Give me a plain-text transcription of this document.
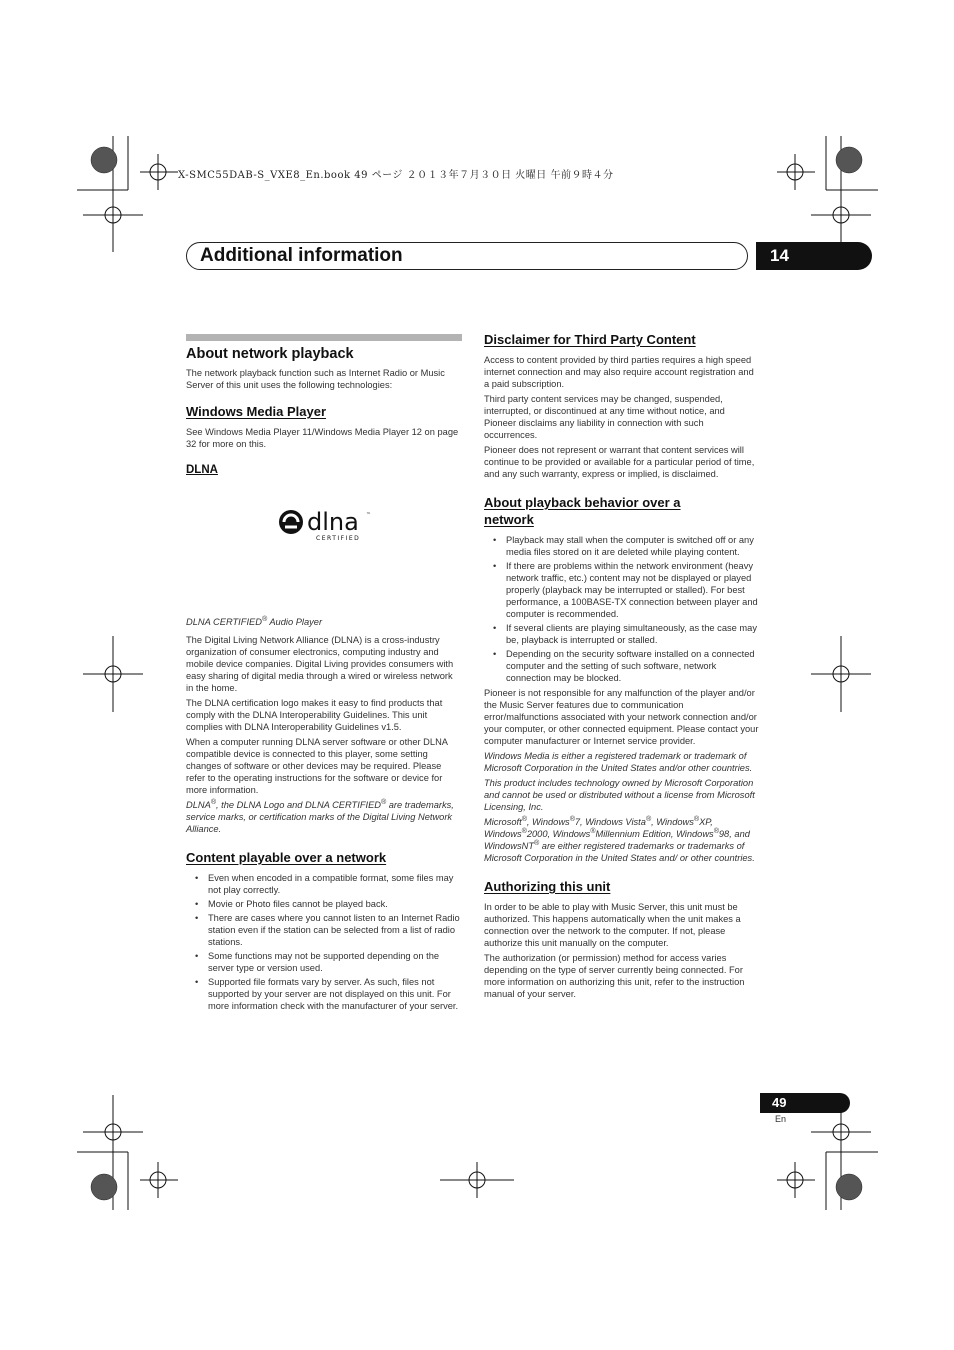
X-SMC55DAB-S_VXE8_En.book 49 ページ ２０１３年７月３０日 火曜日 午前９時４分
Additional information	14
About network playback

The network playback function such as Internet Radio or Music Server of this unit uses the following technologies:

Windows Media Player

See Windows Media Player 11/Windows Media Player 12 on page 32 for more on this.

DLNA
dlna ™
CERTIFIED

DLNA CERTIFIED® Audio Player

The Digital Living Network Alliance (DLNA) is a cross-industry organization of consumer electronics, computing industry and mobile device companies. Digital Living provides consumers with easy sharing of digital media through a wired or wireless network in the home.

The DLNA certification logo makes it easy to find products that comply with the DLNA Interoperability Guidelines. This unit complies with DLNA Interoperability Guidelines v1.5.

When a computer running DLNA server software or other DLNA compatible device is connected to this player, some setting changes of software or other devices may be required. Please refer to the operating instructions for the software or device for more information.

DLNA®, the DLNA Logo and DLNA CERTIFIED® are trademarks, service marks, or certification marks of the Digital Living Network Alliance.

Content playable over a network
• Even when encoded in a compatible format, some files may not play correctly.
• Movie or Photo files cannot be played back.
• There are cases where you cannot listen to an Internet Radio station even if the station can be selected from a list of radio stations.
• Some functions may not be supported depending on the server type or version used.
• Supported file formats vary by server. As such, files not supported by your server are not displayed on this unit. For more information check with the manufacturer of your server.
Disclaimer for Third Party Content

Access to content provided by third parties requires a high speed internet connection and may also require account registration and a paid subscription.

Third party content services may be changed, suspended, interrupted, or discontinued at any time without notice, and Pioneer disclaims any liability in connection with such occurrences.

Pioneer does not represent or warrant that content services will continue to be provided or available for a particular period of time, and any such warranty, express or implied, is disclaimed.

About playback behavior over a
network
• Playback may stall when the computer is switched off or any media files stored on it are deleted while playing content.
• If there are problems within the network environment (heavy network traffic, etc.) content may not be displayed or played properly (playback may be interrupted or stalled). For best performance, a 100BASE-TX connection between player and computer is recommended.
• If several clients are playing simultaneously, as the case may be, playback is interrupted or stalled.
• Depending on the security software installed on a connected computer and the setting of such software, network connection may be blocked.

Pioneer is not responsible for any malfunction of the player and/or the Music Server features due to communication error/malfunctions associated with your network connection and/or your computer, or other connected equipment. Please contact your computer manufacturer or Internet service provider.

Windows Media is either a registered trademark or trademark of Microsoft Corporation in the United States and/or other countries.

This product includes technology owned by Microsoft Corporation and cannot be used or distributed without a license from Microsoft Licensing, Inc.

Microsoft®, Windows®7, Windows Vista®, Windows®XP, Windows®2000, Windows®Millennium Edition, Windows®98, and WindowsNT® are either registered trademarks or trademarks of Microsoft Corporation in the United States and/ or other countries.

Authorizing this unit

In order to be able to play with Music Server, this unit must be authorized. This happens automatically when the unit makes a connection over the network to the computer. If not, please authorize this unit manually on the computer.

The authorization (or permission) method for access varies depending on the type of server currently being connected. For more information on authorizing this unit, refer to the instruction manual of your server.

49
En
